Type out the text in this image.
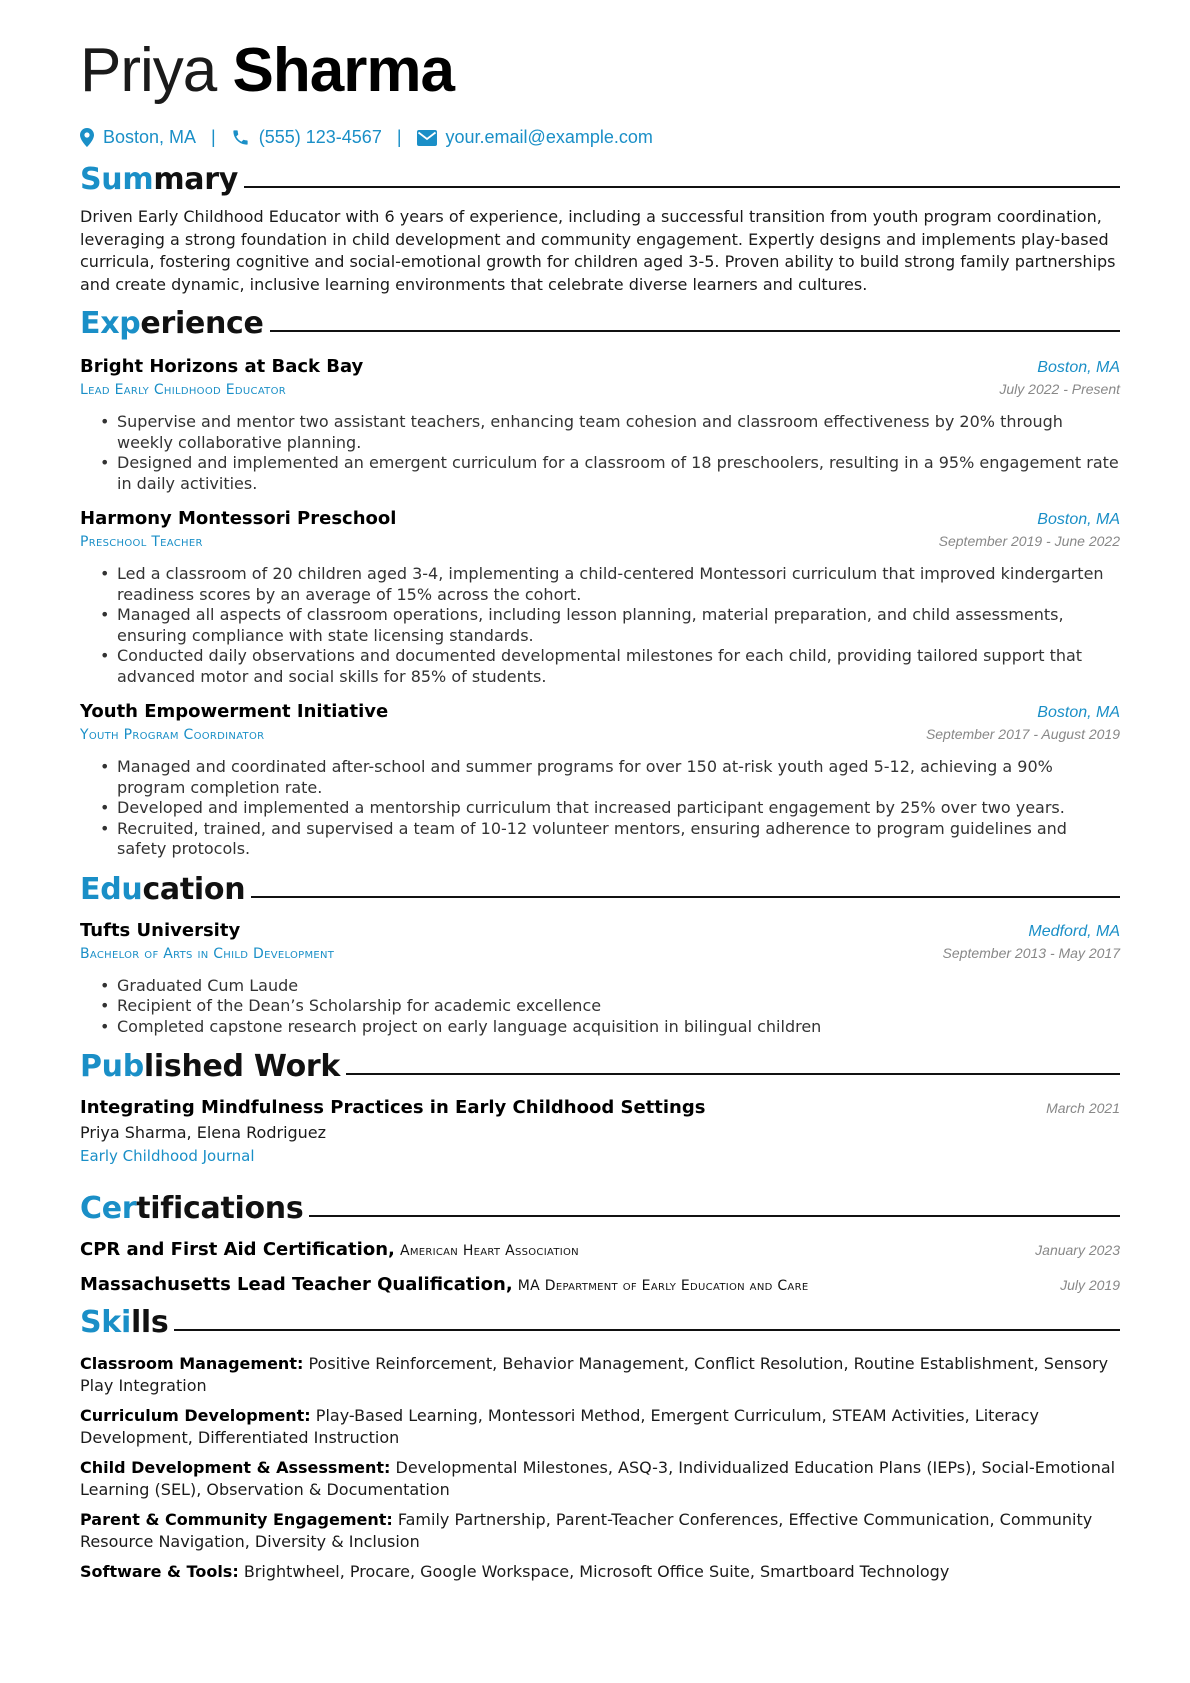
Priya Sharma
Boston, MA | (555) 123-4567 | your.email@example.com
Summary

Driven Early Childhood Educator with 6 years of experience, including a successful transition from youth program coordination, leveraging a strong foundation in child development and community engagement. Expertly designs and implements play-based curricula, fostering cognitive and social-emotional growth for children aged 3-5. Proven ability to build strong family partnerships and create dynamic, inclusive learning environments that celebrate diverse learners and cultures.

Experience
Bright Horizons at Back Bay	Boston, MA
Lead Early Childhood Educator	July 2022 - Present
• Supervise and mentor two assistant teachers, enhancing team cohesion and classroom effectiveness by 20% through weekly collaborative planning.
• Designed and implemented an emergent curriculum for a classroom of 18 preschoolers, resulting in a 95% engagement rate in daily activities.
Harmony Montessori Preschool	Boston, MA
Preschool Teacher	September 2019 - June 2022
• Led a classroom of 20 children aged 3-4, implementing a child-centered Montessori curriculum that improved kindergarten readiness scores by an average of 15% across the cohort.
• Managed all aspects of classroom operations, including lesson planning, material preparation, and child assessments, ensuring compliance with state licensing standards.
• Conducted daily observations and documented developmental milestones for each child, providing tailored support that advanced motor and social skills for 85% of students.
Youth Empowerment Initiative	Boston, MA
Youth Program Coordinator	September 2017 - August 2019
• Managed and coordinated after-school and summer programs for over 150 at-risk youth aged 5-12, achieving a 90% program completion rate.
• Developed and implemented a mentorship curriculum that increased participant engagement by 25% over two years.
• Recruited, trained, and supervised a team of 10-12 volunteer mentors, ensuring adherence to program guidelines and safety protocols.
Education
Tufts University	Medford, MA
Bachelor of Arts in Child Development	September 2013 - May 2017
• Graduated Cum Laude
• Recipient of the Dean’s Scholarship for academic excellence
• Completed capstone research project on early language acquisition in bilingual children
Published Work
Integrating Mindfulness Practices in Early Childhood Settings	March 2021
Priya Sharma, Elena Rodriguez
Early Childhood Journal
Certifications
CPR and First Aid Certification, American Heart Association	January 2023
Massachusetts Lead Teacher Qualification, MA Department of Early Education and Care	July 2019
Skills
Classroom Management: Positive Reinforcement, Behavior Management, Conflict Resolution, Routine Establishment, Sensory Play Integration
Curriculum Development: Play-Based Learning, Montessori Method, Emergent Curriculum, STEAM Activities, Literacy Development, Differentiated Instruction
Child Development & Assessment: Developmental Milestones, ASQ-3, Individualized Education Plans (IEPs), Social-Emotional Learning (SEL), Observation & Documentation
Parent & Community Engagement: Family Partnership, Parent-Teacher Conferences, Effective Communication, Community Resource Navigation, Diversity & Inclusion
Software & Tools: Brightwheel, Procare, Google Workspace, Microsoft Office Suite, Smartboard Technology
